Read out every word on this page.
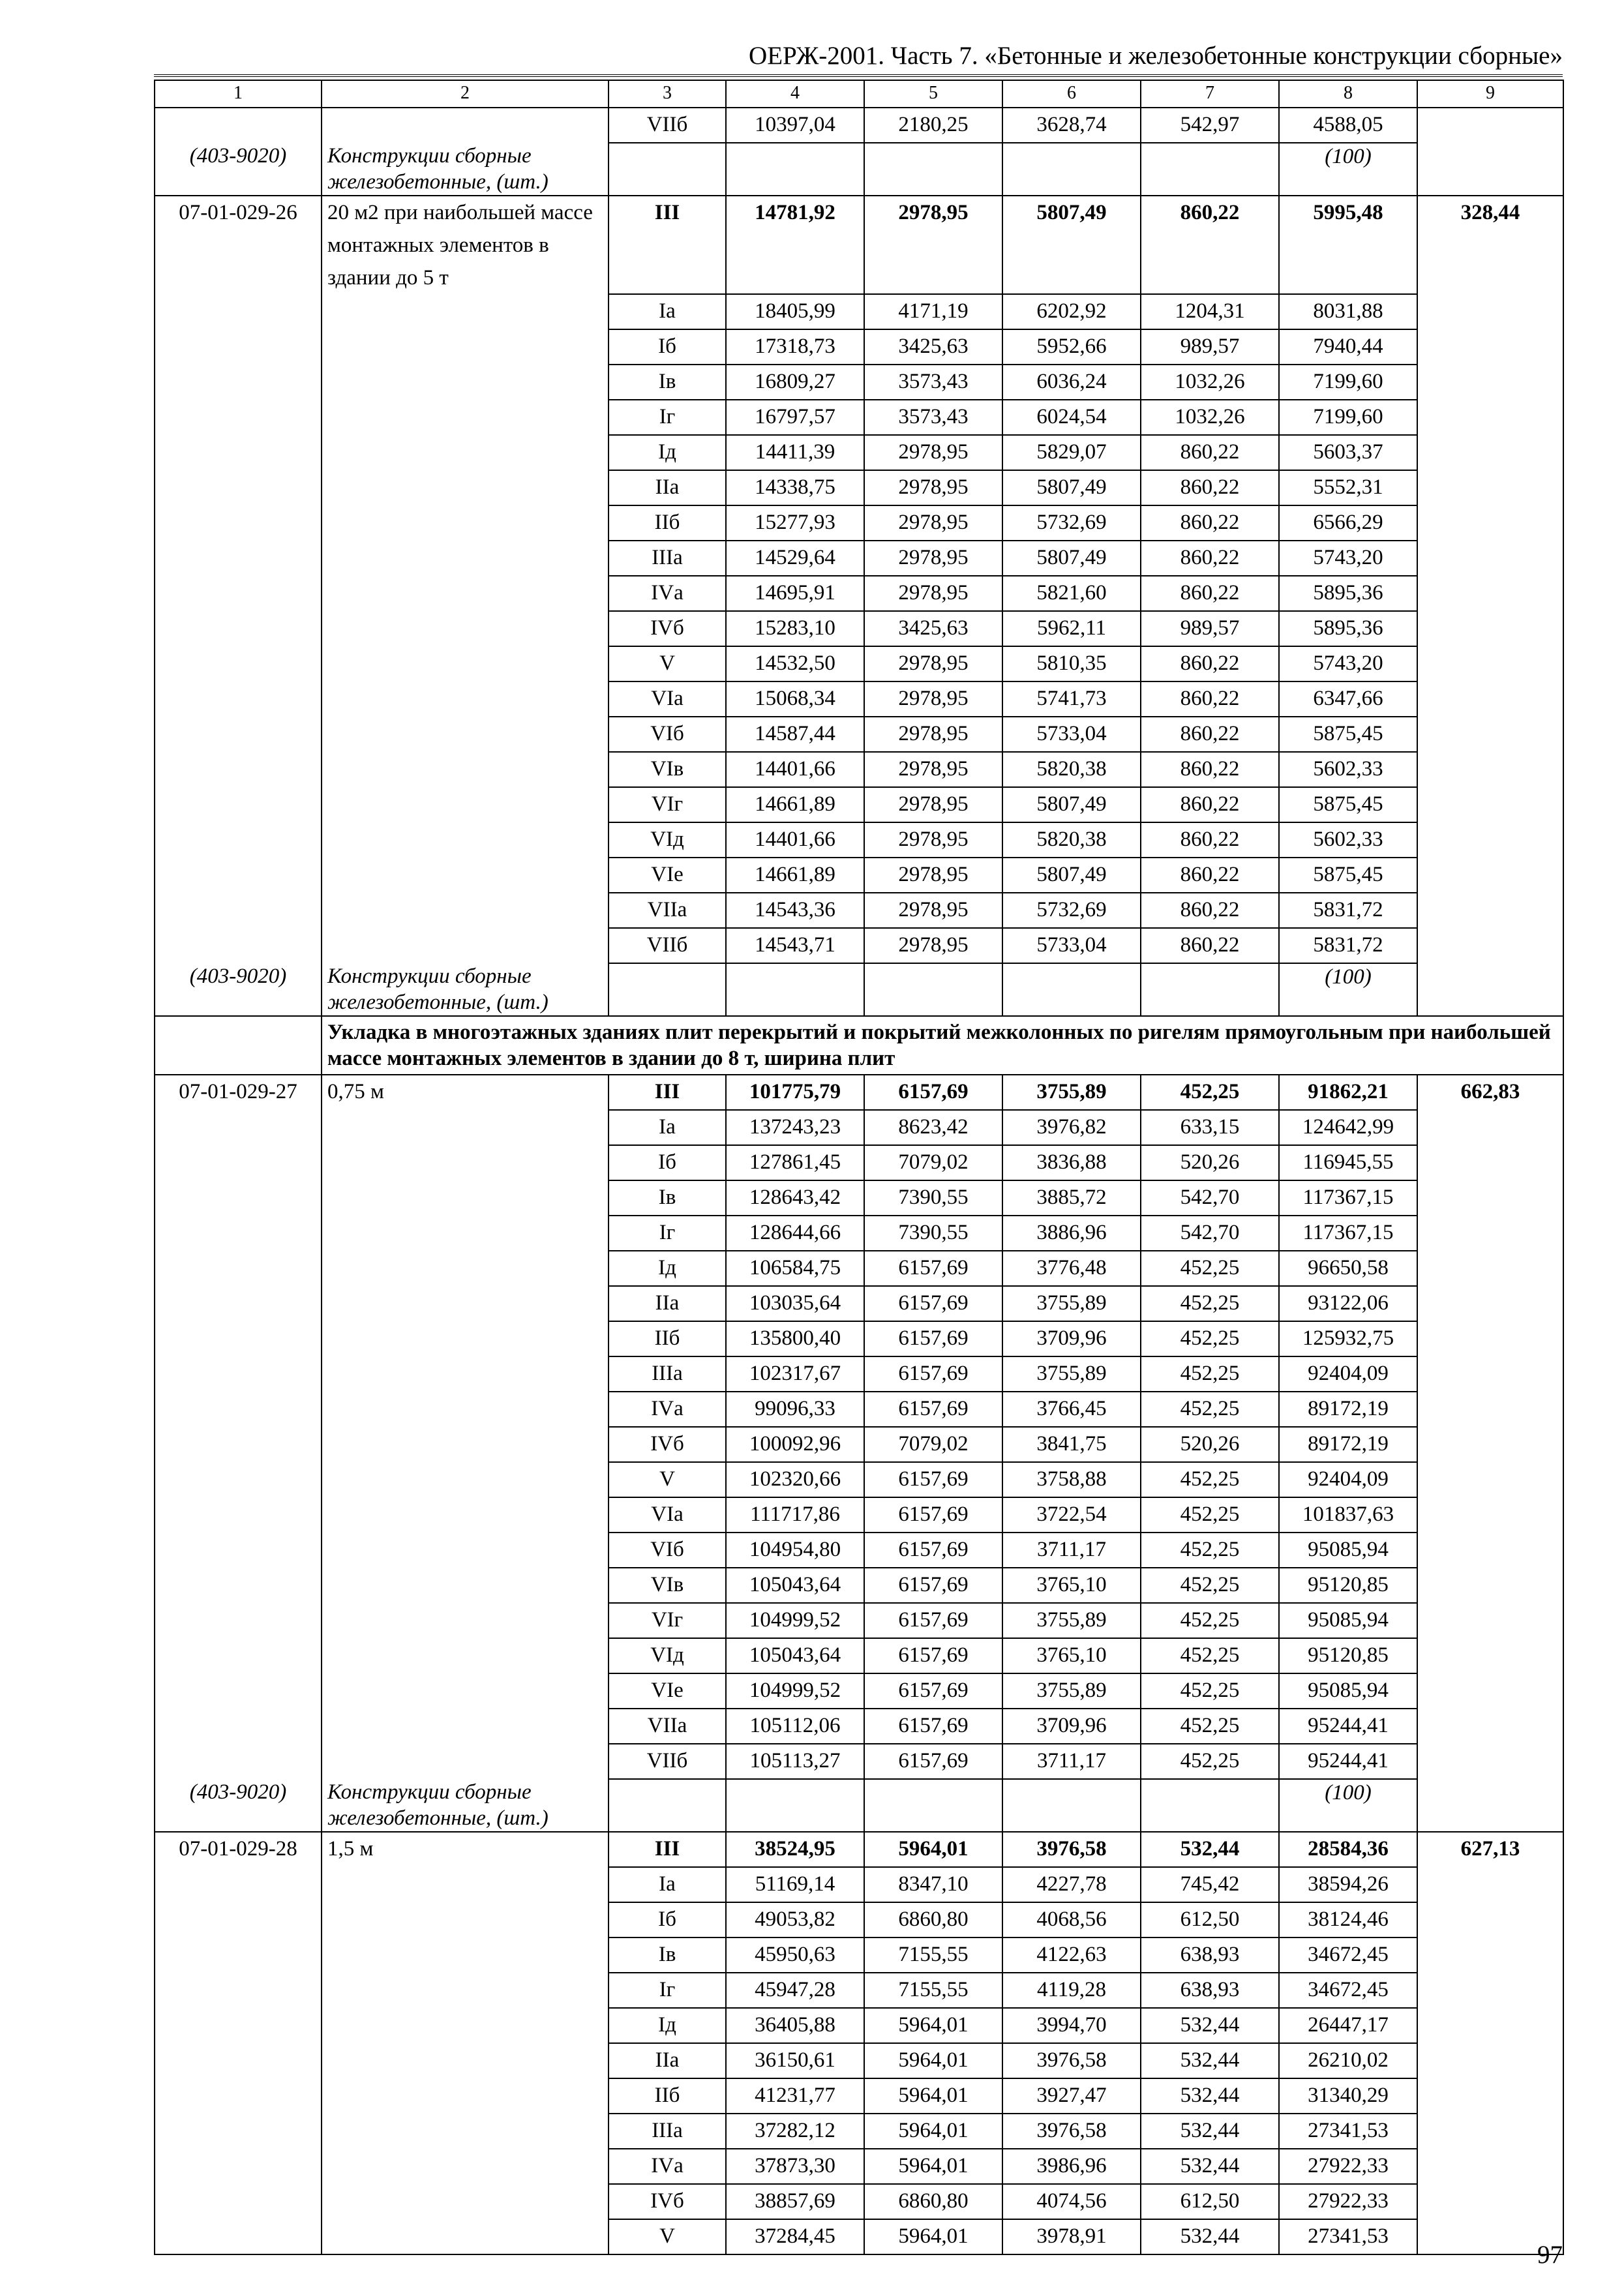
ОЕРЖ-2001. Часть 7. «Бетонные и железобетонные конструкции сборные»
1	2	3	4	5	6	7	8	9
		VIIб	10397,04	2180,25	3628,74	542,97	4588,05	
(403-9020)	Конструкции сборные железобетонные, (шт.)						(100)	
07-01-029-26	20 м2 при наибольшей массе монтажных элементов в здании до 5 т	III	14781,92	2978,95	5807,49	860,22	5995,48	328,44
		Iа	18405,99	4171,19	6202,92	1204,31	8031,88	
		Iб	17318,73	3425,63	5952,66	989,57	7940,44	
		Iв	16809,27	3573,43	6036,24	1032,26	7199,60	
		Iг	16797,57	3573,43	6024,54	1032,26	7199,60	
		Iд	14411,39	2978,95	5829,07	860,22	5603,37	
		IIа	14338,75	2978,95	5807,49	860,22	5552,31	
		IIб	15277,93	2978,95	5732,69	860,22	6566,29	
		IIIа	14529,64	2978,95	5807,49	860,22	5743,20	
		IVа	14695,91	2978,95	5821,60	860,22	5895,36	
		IVб	15283,10	3425,63	5962,11	989,57	5895,36	
		V	14532,50	2978,95	5810,35	860,22	5743,20	
		VIа	15068,34	2978,95	5741,73	860,22	6347,66	
		VIб	14587,44	2978,95	5733,04	860,22	5875,45	
		VIв	14401,66	2978,95	5820,38	860,22	5602,33	
		VIг	14661,89	2978,95	5807,49	860,22	5875,45	
		VIд	14401,66	2978,95	5820,38	860,22	5602,33	
		VIе	14661,89	2978,95	5807,49	860,22	5875,45	
		VIIа	14543,36	2978,95	5732,69	860,22	5831,72	
		VIIб	14543,71	2978,95	5733,04	860,22	5831,72	
(403-9020)	Конструкции сборные железобетонные, (шт.)						(100)	
	Укладка в многоэтажных зданиях плит перекрытий и покрытий межколонных по ригелям прямоугольным при наибольшей массе монтажных элементов в здании до 8 т, ширина плит							
07-01-029-27	0,75 м	III	101775,79	6157,69	3755,89	452,25	91862,21	662,83
		Iа	137243,23	8623,42	3976,82	633,15	124642,99	
		Iб	127861,45	7079,02	3836,88	520,26	116945,55	
		Iв	128643,42	7390,55	3885,72	542,70	117367,15	
		Iг	128644,66	7390,55	3886,96	542,70	117367,15	
		Iд	106584,75	6157,69	3776,48	452,25	96650,58	
		IIа	103035,64	6157,69	3755,89	452,25	93122,06	
		IIб	135800,40	6157,69	3709,96	452,25	125932,75	
		IIIа	102317,67	6157,69	3755,89	452,25	92404,09	
		IVа	99096,33	6157,69	3766,45	452,25	89172,19	
		IVб	100092,96	7079,02	3841,75	520,26	89172,19	
		V	102320,66	6157,69	3758,88	452,25	92404,09	
		VIа	111717,86	6157,69	3722,54	452,25	101837,63	
		VIб	104954,80	6157,69	3711,17	452,25	95085,94	
		VIв	105043,64	6157,69	3765,10	452,25	95120,85	
		VIг	104999,52	6157,69	3755,89	452,25	95085,94	
		VIд	105043,64	6157,69	3765,10	452,25	95120,85	
		VIе	104999,52	6157,69	3755,89	452,25	95085,94	
		VIIа	105112,06	6157,69	3709,96	452,25	95244,41	
		VIIб	105113,27	6157,69	3711,17	452,25	95244,41	
(403-9020)	Конструкции сборные железобетонные, (шт.)						(100)	
07-01-029-28	1,5 м	III	38524,95	5964,01	3976,58	532,44	28584,36	627,13
		Iа	51169,14	8347,10	4227,78	745,42	38594,26	
		Iб	49053,82	6860,80	4068,56	612,50	38124,46	
		Iв	45950,63	7155,55	4122,63	638,93	34672,45	
		Iг	45947,28	7155,55	4119,28	638,93	34672,45	
		Iд	36405,88	5964,01	3994,70	532,44	26447,17	
		IIа	36150,61	5964,01	3976,58	532,44	26210,02	
		IIб	41231,77	5964,01	3927,47	532,44	31340,29	
		IIIа	37282,12	5964,01	3976,58	532,44	27341,53	
		IVа	37873,30	5964,01	3986,96	532,44	27922,33	
		IVб	38857,69	6860,80	4074,56	612,50	27922,33	
		V	37284,45	5964,01	3978,91	532,44	27341,53	
97
